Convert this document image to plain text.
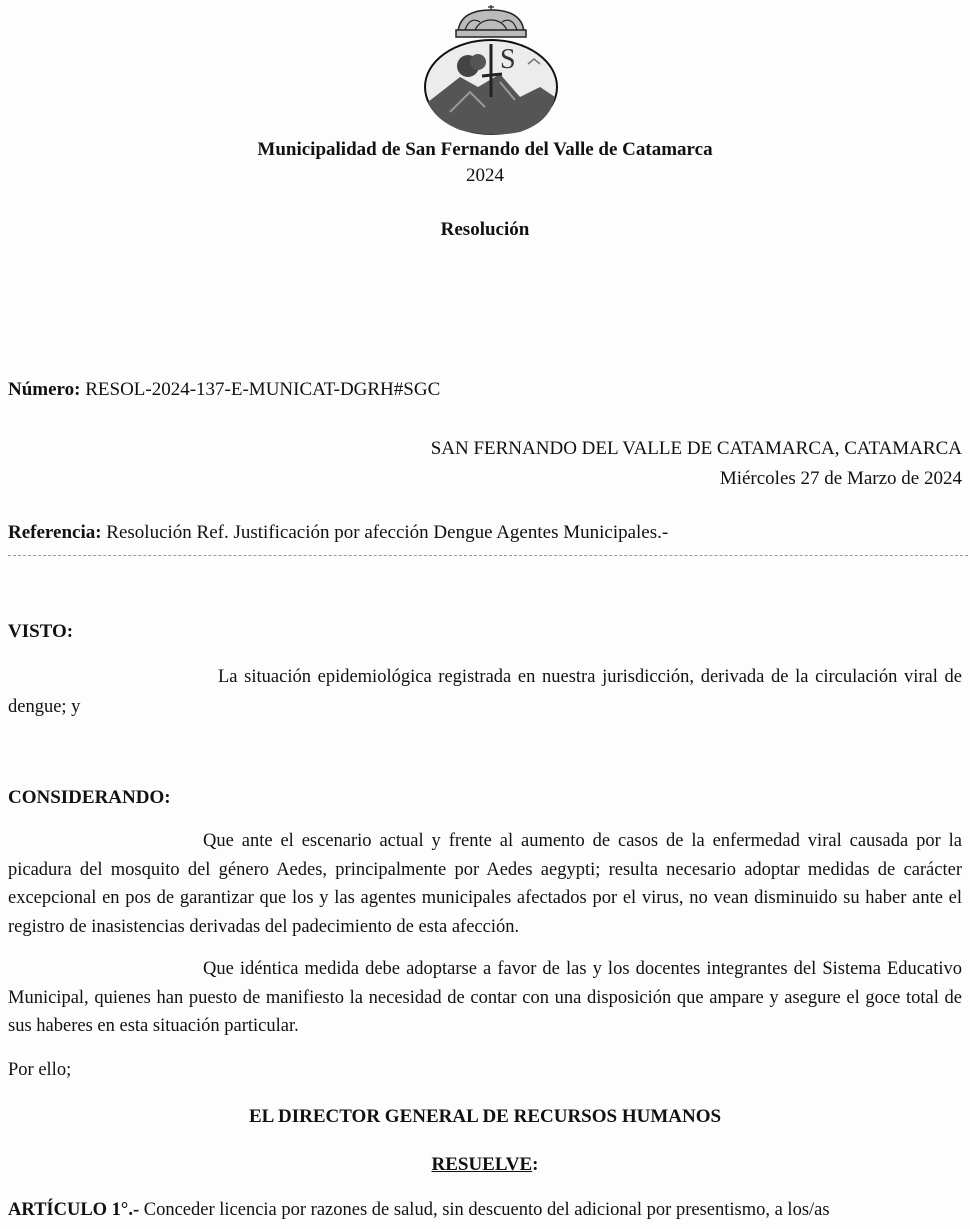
S
Municipalidad de San Fernando del Valle de Catamarca
2024
Resolución
Número: RESOL-2024-137-E-MUNICAT-DGRH#SGC
SAN FERNANDO DEL VALLE DE CATAMARCA, CATAMARCA
Miércoles 27 de Marzo de 2024
Referencia: Resolución Ref. Justificación por afección Dengue Agentes Municipales.-
VISTO:
La situación epidemiológica registrada en nuestra jurisdicción, derivada de la circulación viral de dengue; y
CONSIDERANDO:
Que ante el escenario actual y frente al aumento de casos de la enfermedad viral causada por la picadura del mosquito del género Aedes, principalmente por Aedes aegypti; resulta necesario adoptar medidas de carácter excepcional en pos de garantizar que los y las agentes municipales afectados por el virus, no vean disminuido su haber ante el registro de inasistencias derivadas del padecimiento de esta afección.
Que idéntica medida debe adoptarse a favor de las y los docentes integrantes del Sistema Educativo Municipal, quienes han puesto de manifiesto la necesidad de contar con una disposición que ampare y asegure el goce total de sus haberes en esta situación particular.
Por ello;
EL DIRECTOR GENERAL DE RECURSOS HUMANOS
RESUELVE:
ARTÍCULO 1°.- Conceder licencia por razones de salud, sin descuento del adicional por presentismo, a los/as
